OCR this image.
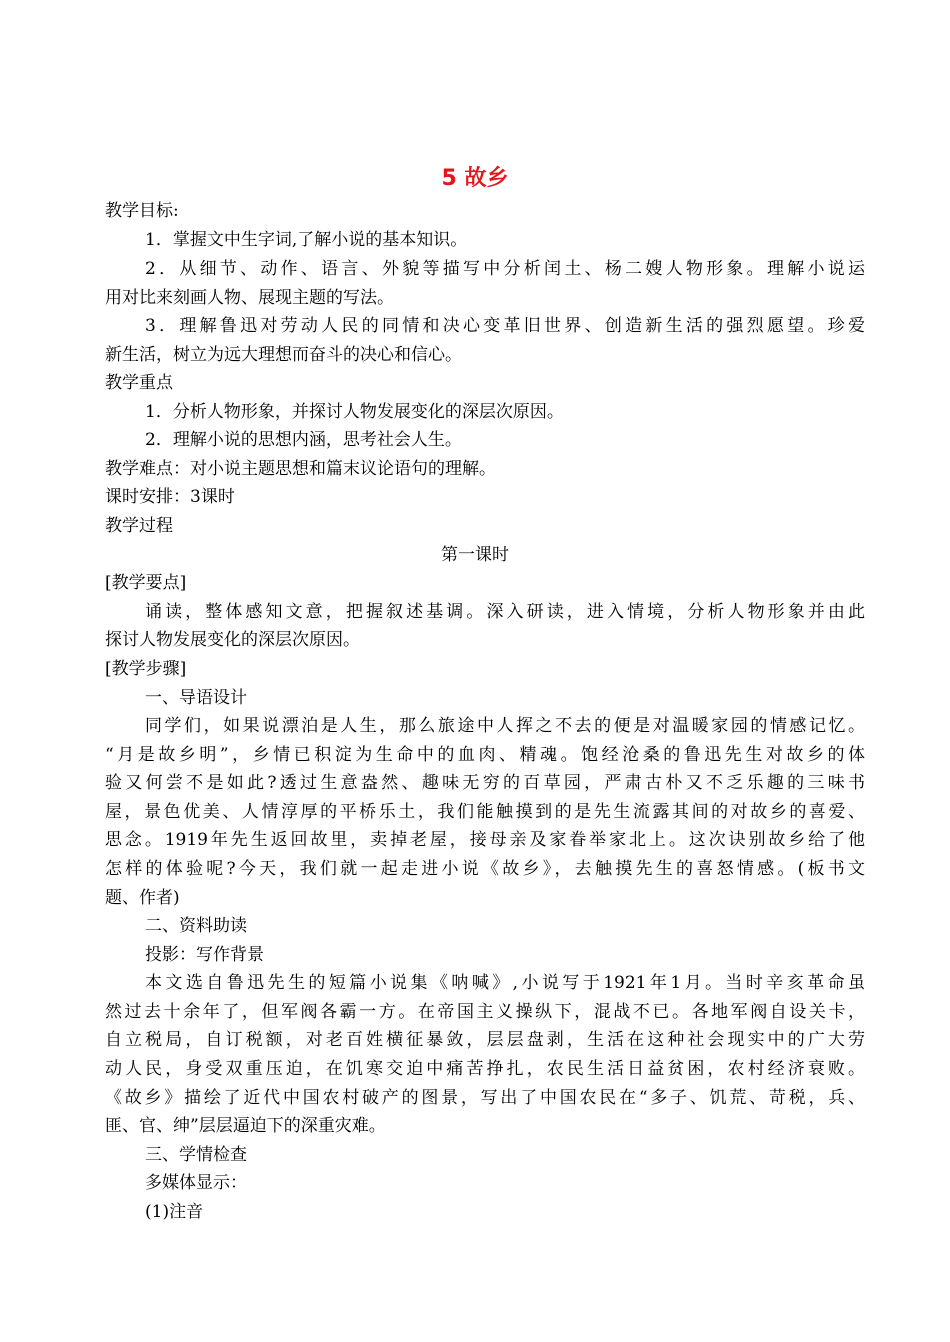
5 故乡
教学目标:
1．掌握文中生字词,了解小说的基本知识。
2．从细节、动作、语言、外貌等描写中分析闰土、杨二嫂人物形象。理解小说运
用对比来刻画人物、展现主题的写法。
3．理解鲁迅对劳动人民的同情和决心变革旧世界、创造新生活的强烈愿望。珍爱
新生活，树立为远大理想而奋斗的决心和信心。
教学重点
1．分析人物形象，并探讨人物发展变化的深层次原因。
2．理解小说的思想内涵，思考社会人生。
教学难点：对小说主题思想和篇末议论语句的理解。
课时安排：3课时
教学过程
第一课时
[教学要点]
诵读，整体感知文意，把握叙述基调。深入研读，进入情境，分析人物形象并由此
探讨人物发展变化的深层次原因。
[教学步骤]
一、导语设计
同学们，如果说漂泊是人生，那么旅途中人挥之不去的便是对温暖家园的情感记忆。
“月是故乡明”，乡情已积淀为生命中的血肉、精魂。饱经沧桑的鲁迅先生对故乡的体
验又何尝不是如此?透过生意盎然、趣味无穷的百草园，严肃古朴又不乏乐趣的三味书
屋，景色优美、人情淳厚的平桥乐土，我们能触摸到的是先生流露其间的对故乡的喜爱、
思念。1919年先生返回故里，卖掉老屋，接母亲及家眷举家北上。这次诀别故乡给了他
怎样的体验呢?今天，我们就一起走进小说《故乡》，去触摸先生的喜怒情感。(板书文
题、作者)
二、资料助读
投影：写作背景
本文选自鲁迅先生的短篇小说集《呐喊》,小说写于1921年1月。当时辛亥革命虽
然过去十余年了，但军阀各霸一方。在帝国主义操纵下，混战不已。各地军阀自设关卡，
自立税局，自订税额，对老百姓横征暴敛，层层盘剥，生活在这种社会现实中的广大劳
动人民，身受双重压迫，在饥寒交迫中痛苦挣扎，农民生活日益贫困，农村经济衰败。
《故乡》描绘了近代中国农村破产的图景，写出了中国农民在“多子、饥荒、苛税，兵、
匪、官、绅”层层逼迫下的深重灾难。
三、学情检查
多媒体显示：
(1)注音
